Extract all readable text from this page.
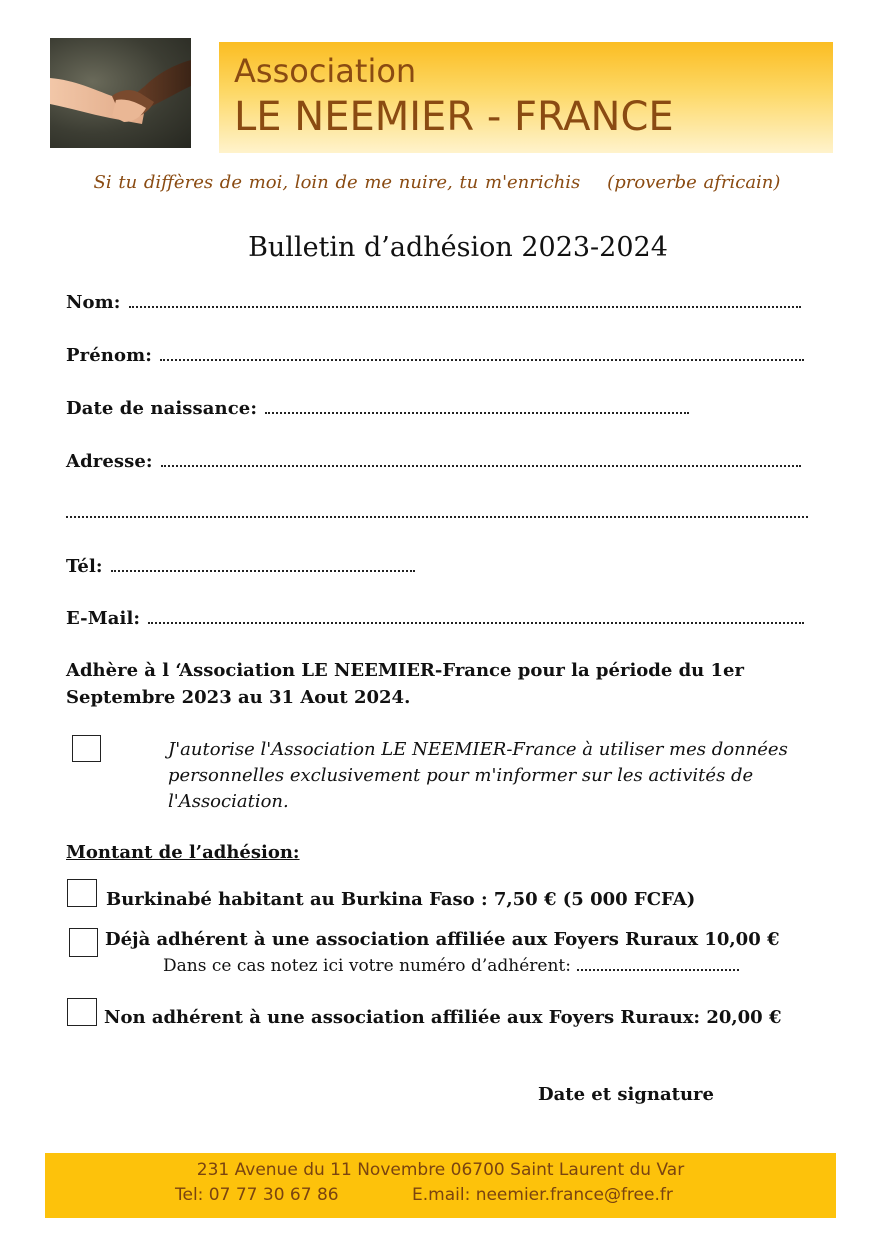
Association
LE NEEMIER - FRANCE
Si tu diffères de moi, loin de me nuire, tu m'enrichis    (proverbe africain)
Bulletin d’adhésion 2023-2024
Nom:
Prénom:
Date de naissance:
Adresse:
Tél:
E-Mail:
Adhère à l ‘Association LE NEEMIER-France pour la période du 1er Septembre 2023 au 31 Aout 2024.
J'autorise l'Association LE NEEMIER-France à utiliser mes données personnelles exclusivement pour m'informer sur les activités de l'Association.
Montant de l’adhésion:
Burkinabé habitant au Burkina Faso : 7,50 € (5 000 FCFA)
Déjà adhérent à une association affiliée aux Foyers Ruraux 10,00 €
Dans ce cas notez ici votre numéro d’adhérent:
Non adhérent à une association affiliée aux Foyers Ruraux: 20,00 €
Date et signature
231 Avenue du 11 Novembre 06700 Saint Laurent du Var
Tel: 07 77 30 67 86	E.mail: neemier.france@free.fr
